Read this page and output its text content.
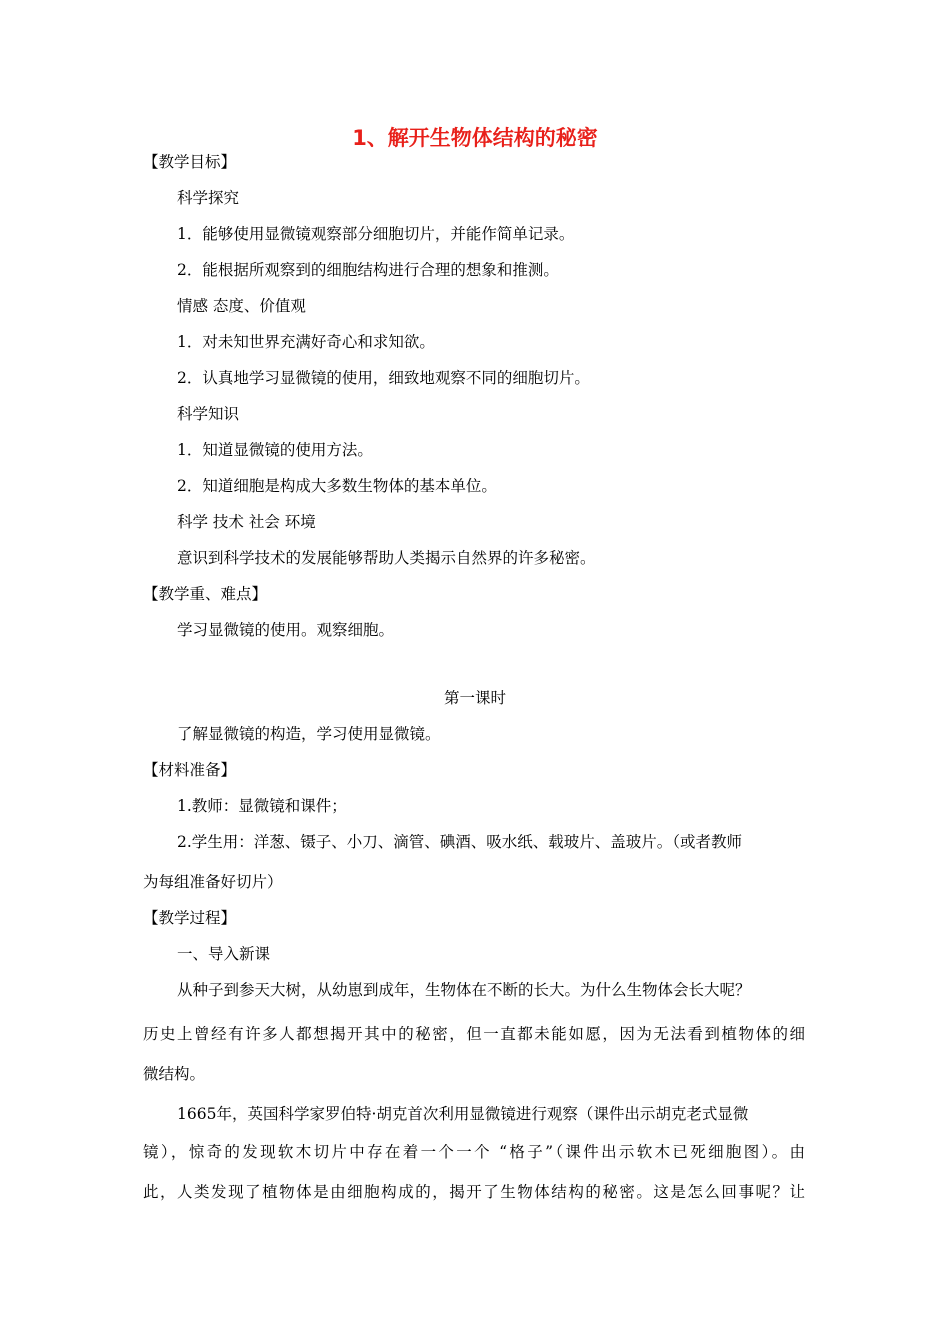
1、解开生物体结构的秘密
【教学目标】
科学探究
1．能够使用显微镜观察部分细胞切片，并能作简单记录。
2．能根据所观察到的细胞结构进行合理的想象和推测。
情感 态度、价值观
1．对未知世界充满好奇心和求知欲。
2．认真地学习显微镜的使用，细致地观察不同的细胞切片。
科学知识
1．知道显微镜的使用方法。
2．知道细胞是构成大多数生物体的基本单位。
科学 技术 社会 环境
意识到科学技术的发展能够帮助人类揭示自然界的许多秘密。
【教学重、难点】
学习显微镜的使用。观察细胞。
第一课时
了解显微镜的构造，学习使用显微镜。
【材料准备】
1.教师：显微镜和课件；
2.学生用：洋葱、镊子、小刀、滴管、碘酒、吸水纸、载玻片、盖玻片。（或者教师
为每组准备好切片）
【教学过程】
一、导入新课
从种子到参天大树，从幼崽到成年，生物体在不断的长大。为什么生物体会长大呢？
历史上曾经有许多人都想揭开其中的秘密，但一直都未能如愿，因为无法看到植物体的细
微结构。
1665年，英国科学家罗伯特·胡克首次利用显微镜进行观察（课件出示胡克老式显微
镜），惊奇的发现软木切片中存在着一个一个 “格子”（课件出示软木已死细胞图）。由
此，人类发现了植物体是由细胞构成的，揭开了生物体结构的秘密。这是怎么回事呢？让
